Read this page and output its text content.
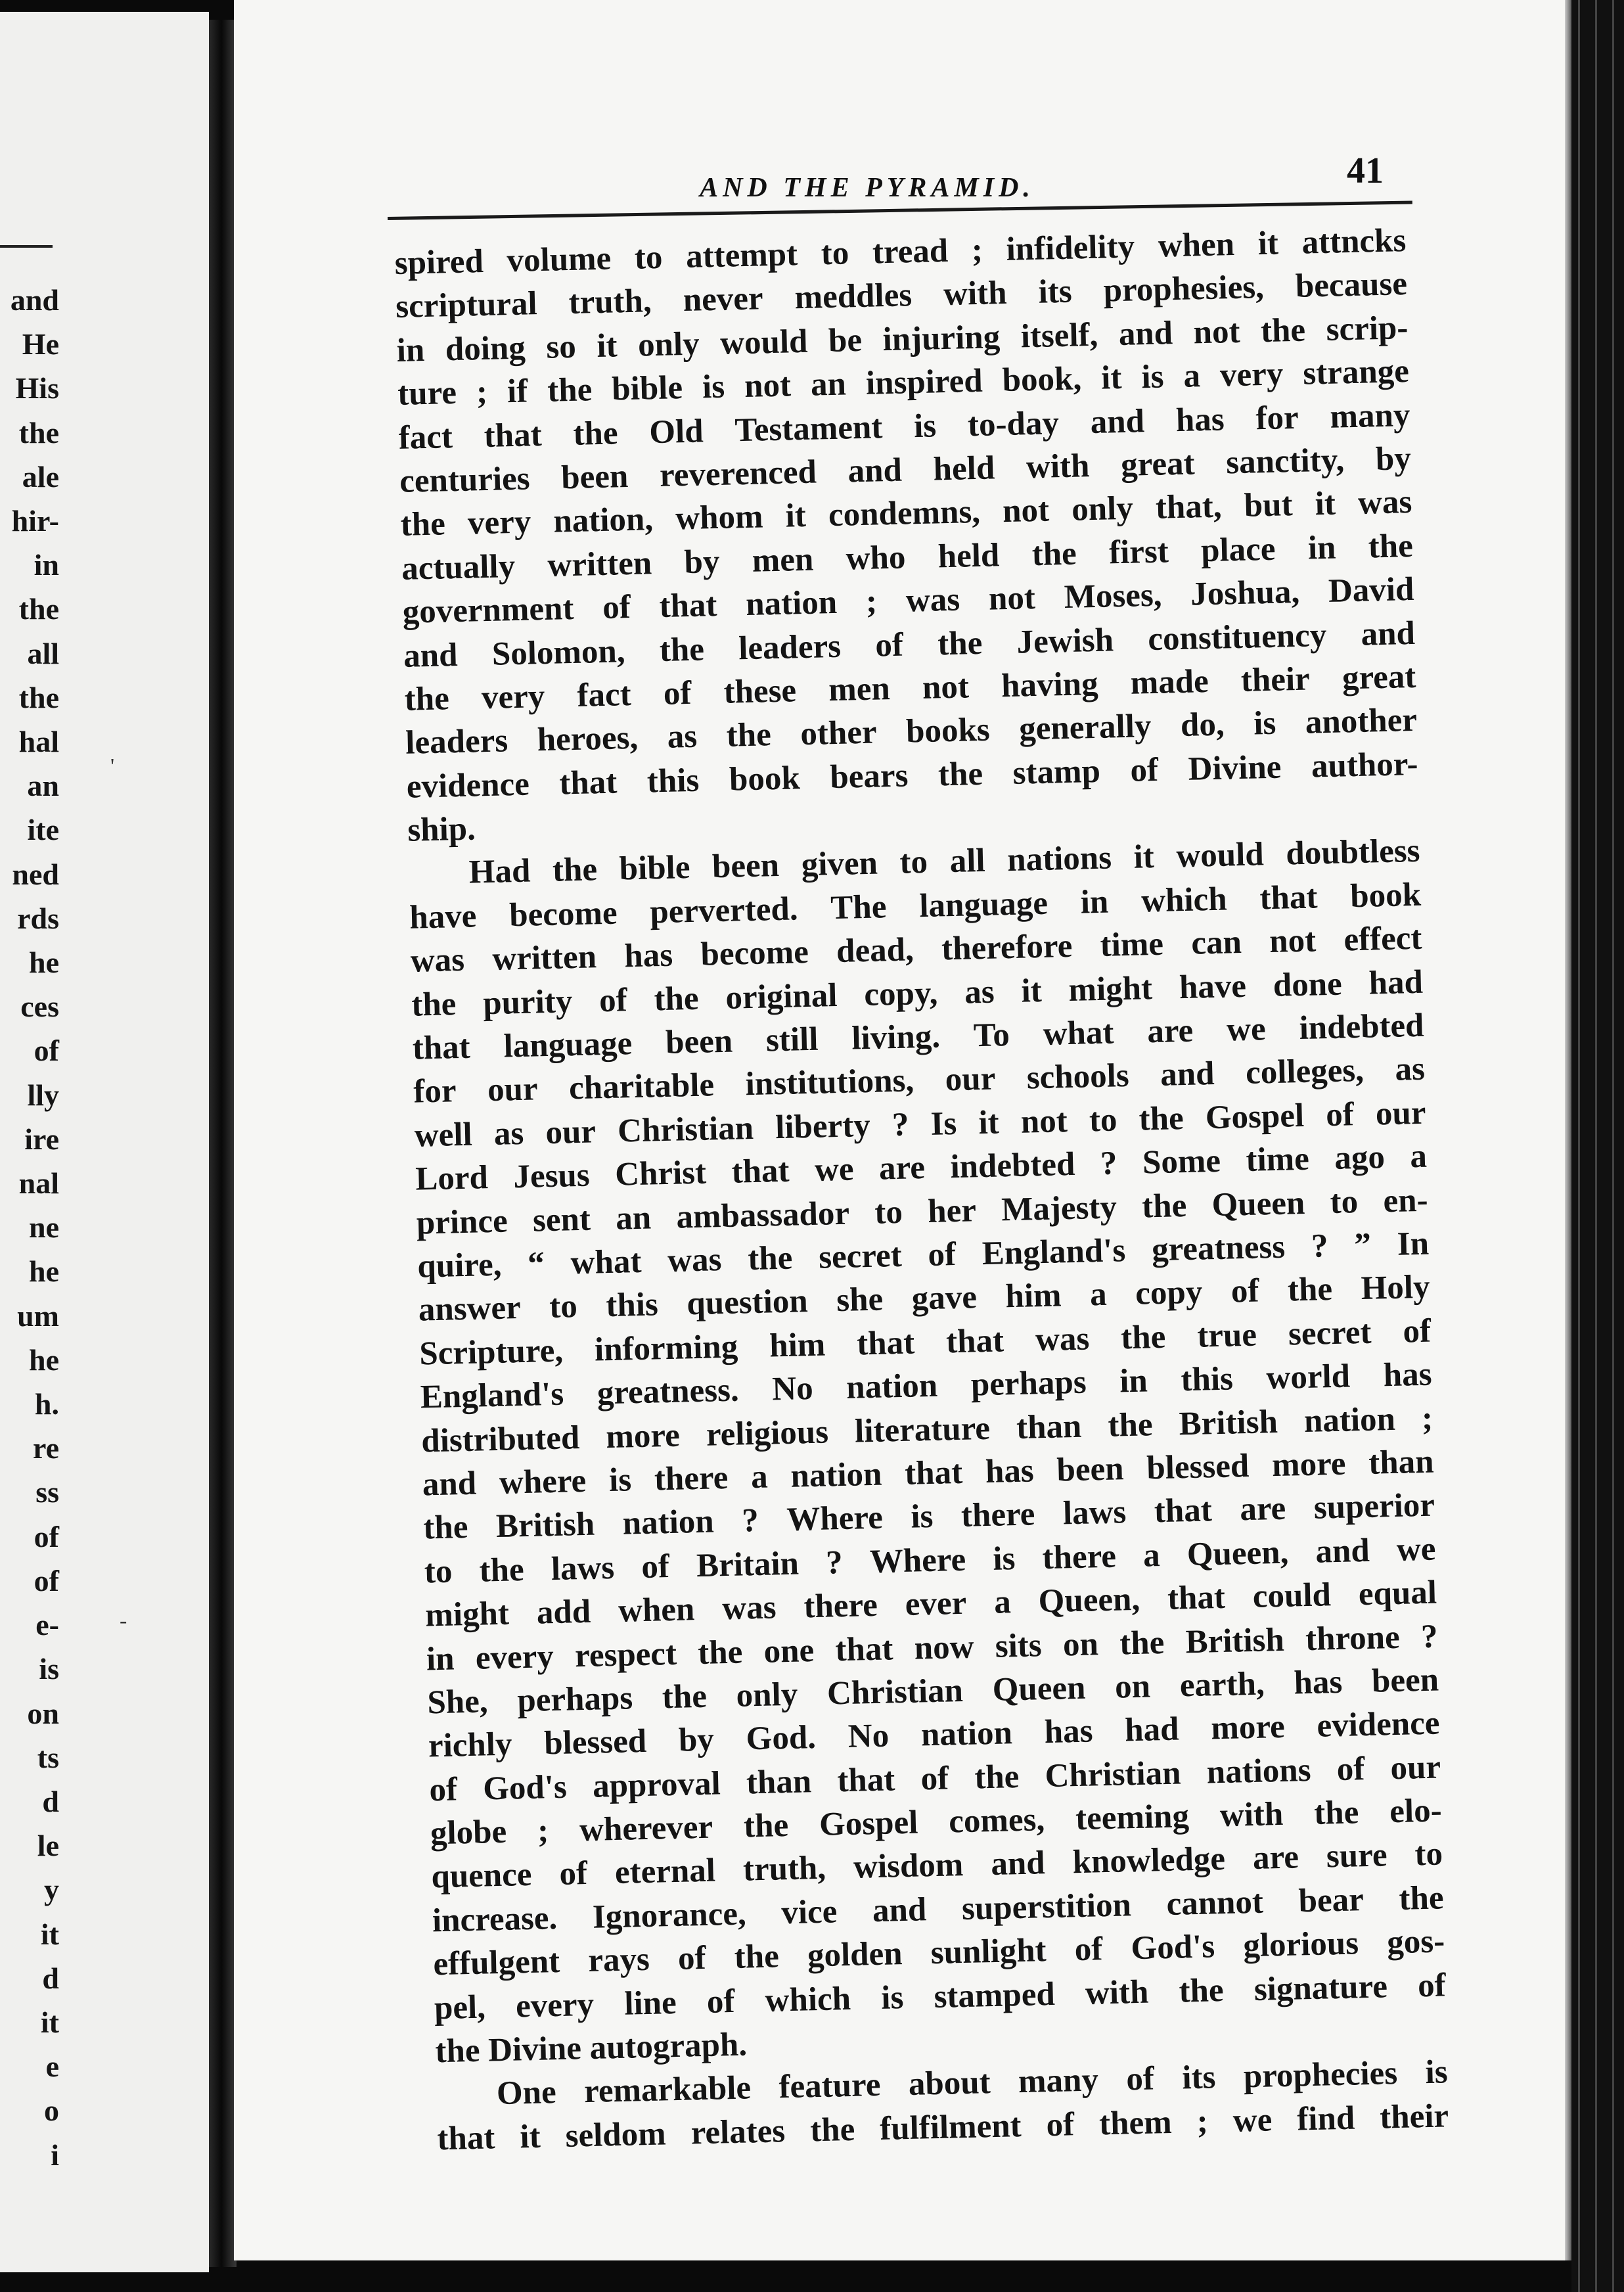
and
He
His
the
ale
hir-
in
the
all
the
hal
an
ite
ned
rds
he
ces
of
lly
ire
nal
ne
he
um
he
h.
re
ss
of
of
e-
is
on
ts
d
le
y
it
d
it
e
o
i
'
-
AND THE PYRAMID.	41
spired volume to attempt to tread ; infidelity when it attncks
scriptural truth, never meddles with its prophesies, because
in doing so it only would be injuring itself, and not the scrip-
ture ; if the bible is not an inspired book, it is a very strange
fact that the Old Testament is to-day and has for many
centuries been reverenced and held with great sanctity, by
the very nation, whom it condemns, not only that, but it was
actually written by men who held the first place in the
government of that nation ; was not Moses, Joshua, David
and Solomon, the leaders of the Jewish constituency and
the very fact of these men not having made their great
leaders heroes, as the other books generally do, is another
evidence that this book bears the stamp of Divine author-
ship.
Had the bible been given to all nations it would doubtless
have become perverted. The language in which that book
was written has become dead, therefore time can not effect
the purity of the original copy, as it might have done had
that language been still living. To what are we indebted
for our charitable institutions, our schools and colleges, as
well as our Christian liberty ? Is it not to the Gospel of our
Lord Jesus Christ that we are indebted ? Some time ago a
prince sent an ambassador to her Majesty the Queen to en-
quire, “ what was the secret of England's greatness ? ” In
answer to this question she gave him a copy of the Holy
Scripture, informing him that that was the true secret of
England's greatness. No nation perhaps in this world has
distributed more religious literature than the British nation ;
and where is there a nation that has been blessed more than
the British nation ? Where is there laws that are superior
to the laws of Britain ? Where is there a Queen, and we
might add when was there ever a Queen, that could equal
in every respect the one that now sits on the British throne ?
She, perhaps the only Christian Queen on earth, has been
richly blessed by God. No nation has had more evidence
of God's approval than that of the Christian nations of our
globe ; wherever the Gospel comes, teeming with the elo-
quence of eternal truth, wisdom and knowledge are sure to
increase. Ignorance, vice and superstition cannot bear the
effulgent rays of the golden sunlight of God's glorious gos-
pel, every line of which is stamped with the signature of
the
Divine
autograph.
One remarkable feature about many of its prophecies is
that it seldom relates the fulfilment of them ; we find their
